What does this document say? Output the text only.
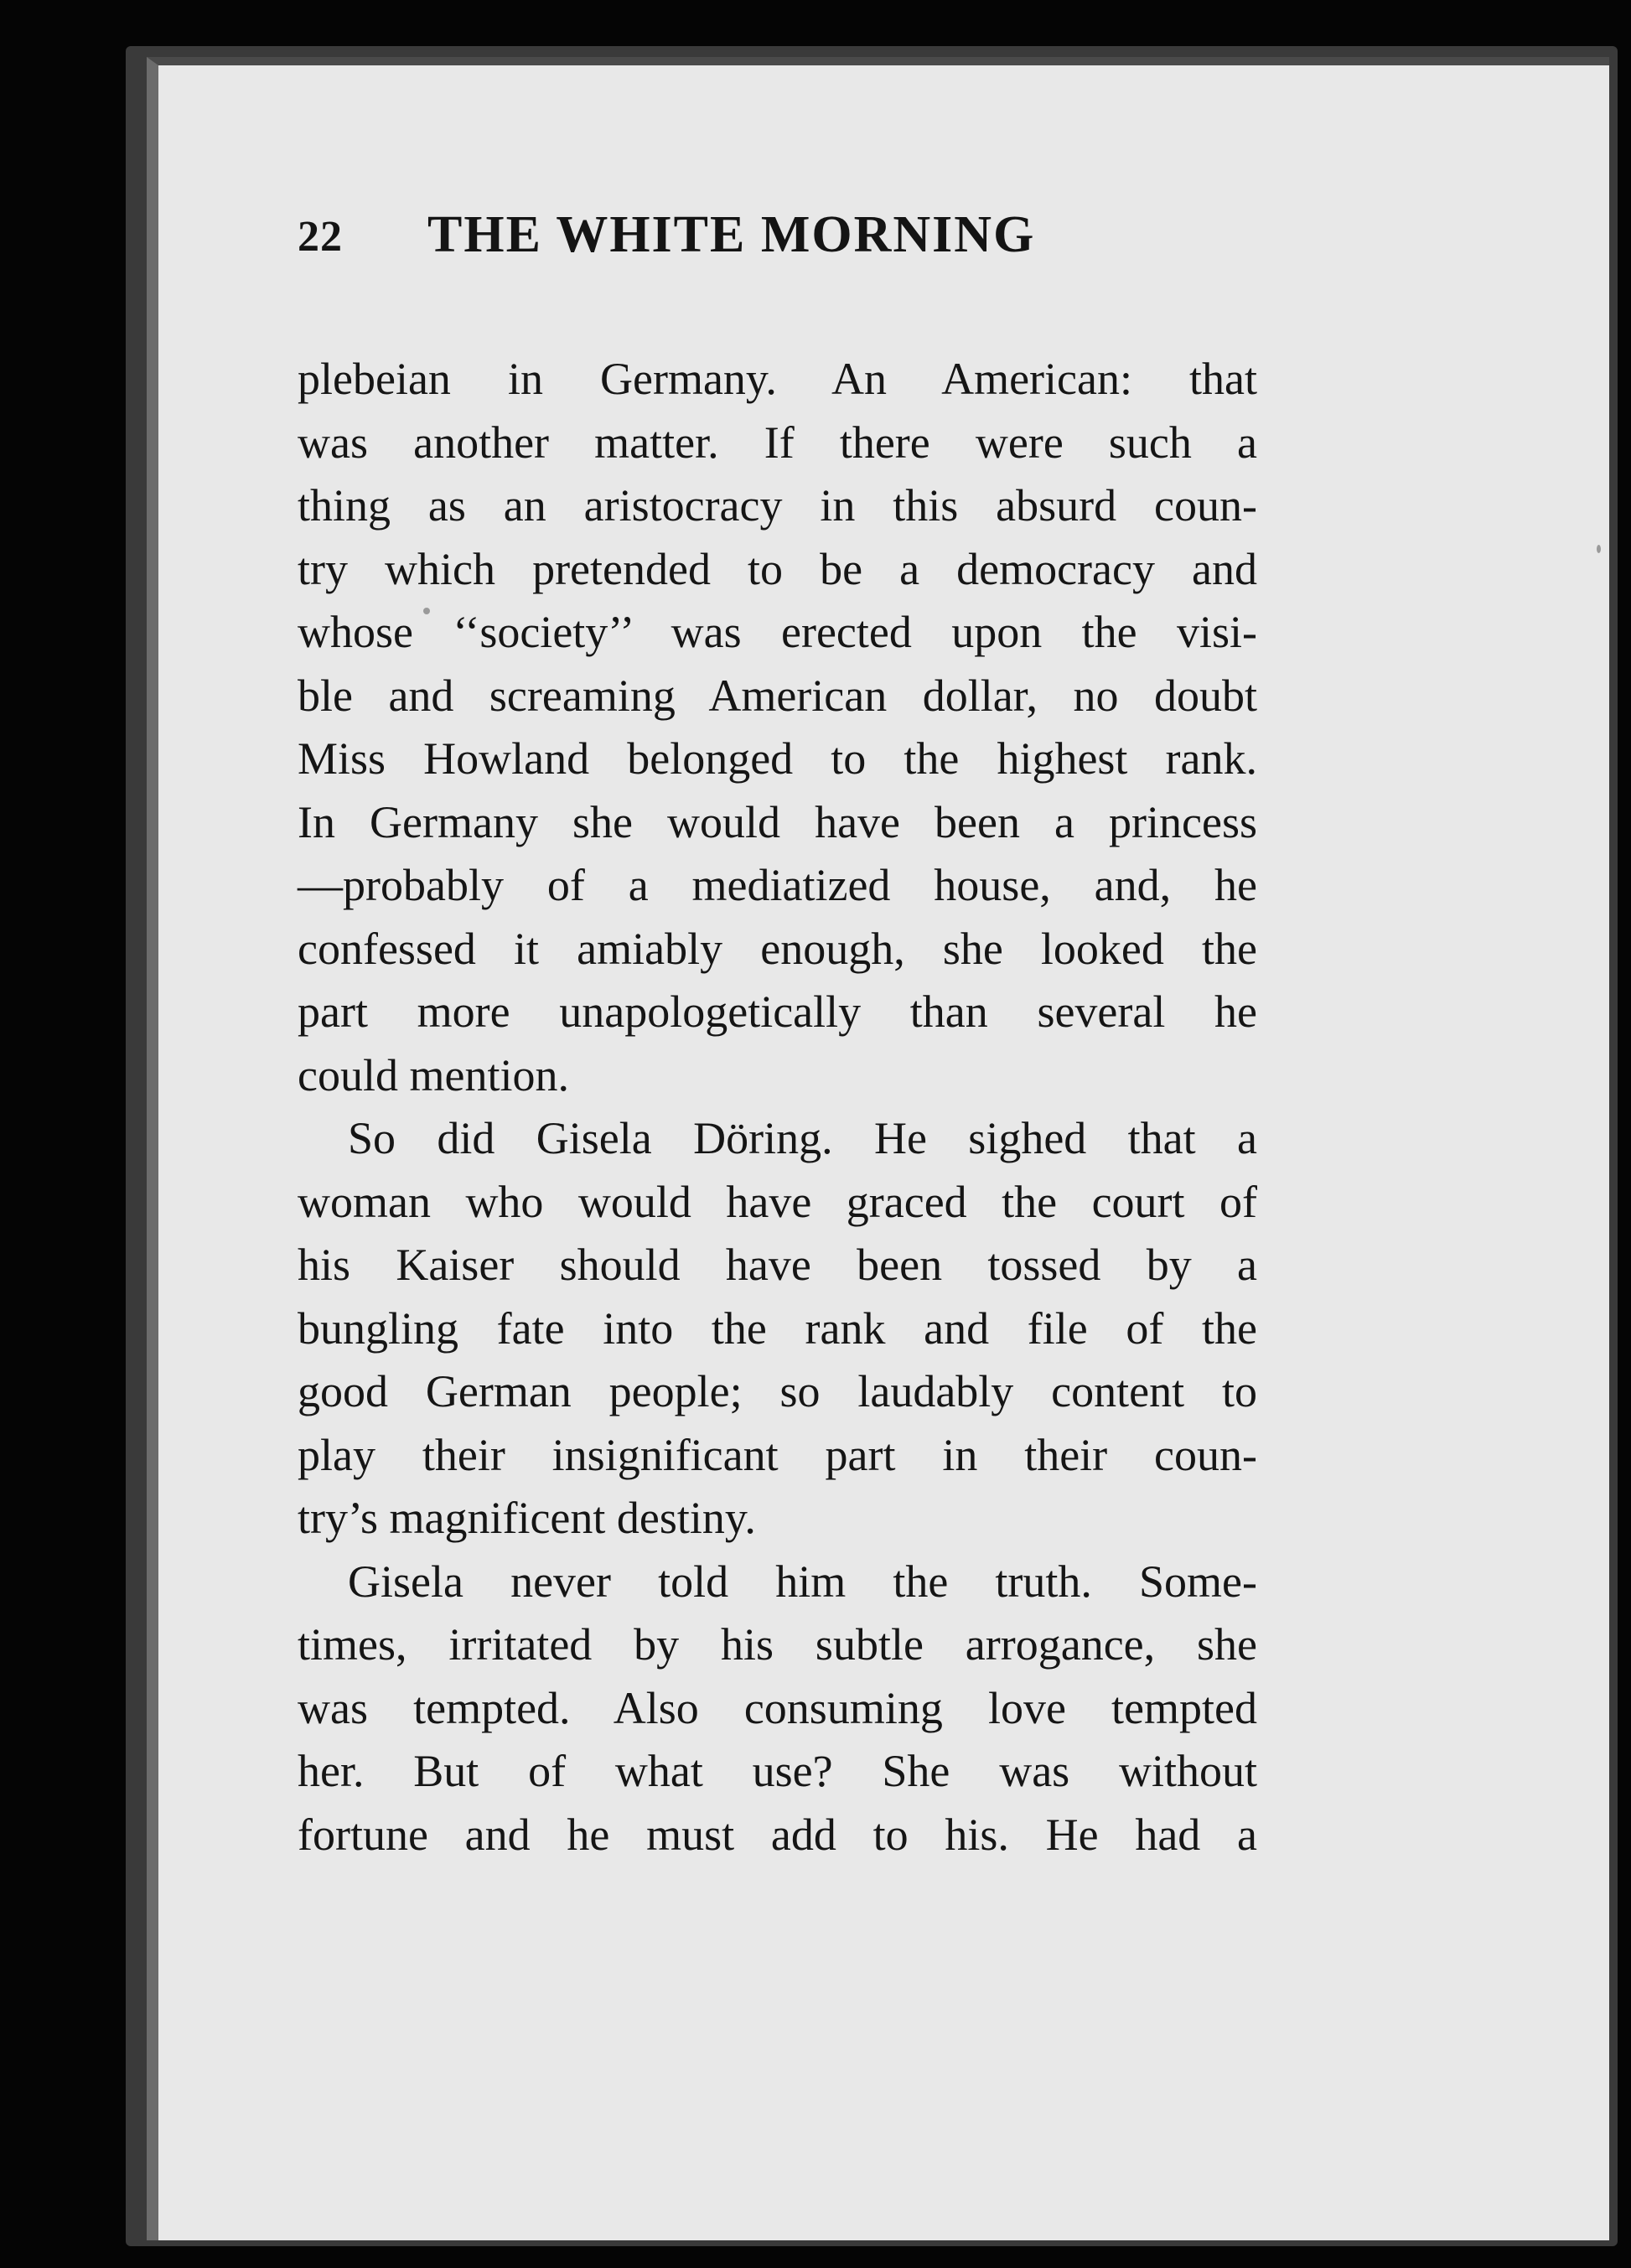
22 THE WHITE MORNING
plebeian in Germany. An American: that
was another matter. If there were such a
thing as an aristocracy in this absurd coun-
try which pretended to be a democracy and
whose ‘‘society’’ was erected upon the visi-
ble and screaming American dollar, no doubt
Miss Howland belonged to the highest rank.
In Germany she would have been a princess
—probably of a mediatized house, and, he
confessed it amiably enough, she looked the
part more unapologetically than several he
could mention.
So did Gisela Döring. He sighed that a
woman who would have graced the court of
his Kaiser should have been tossed by a
bungling fate into the rank and file of the
good German people; so laudably content to
play their insignificant part in their coun-
try’s magnificent destiny.
Gisela never told him the truth. Some-
times, irritated by his subtle arrogance, she
was tempted. Also consuming love tempted
her. But of what use? She was without
fortune and he must add to his. He had a
